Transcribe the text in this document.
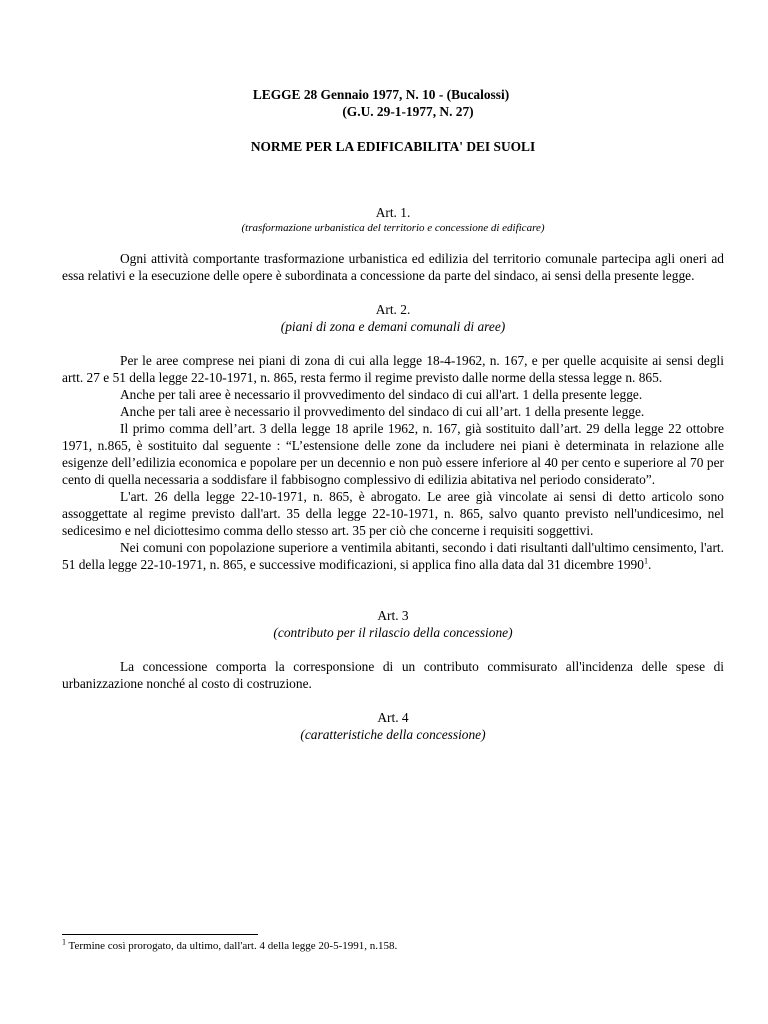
LEGGE 28 Gennaio 1977, N. 10 - (Bucalossi)

(G.U. 29-1-1977, N. 27)

NORME PER LA EDIFICABILITA' DEI SUOLI

Art. 1.

(trasformazione urbanistica del territorio e concessione di edificare)

Ogni attività comportante trasformazione urbanistica ed edilizia del territorio comunale partecipa agli oneri ad essa relativi e la esecuzione delle opere è subordinata a concessione da parte del sindaco, ai sensi della presente legge.

Art. 2.

(piani di zona e demani comunali di aree)

Per le aree comprese nei piani di zona di cui alla legge 18-4-1962, n. 167, e per quelle acquisite ai sensi degli artt. 27 e 51 della legge 22-10-1971, n. 865, resta fermo il regime previsto dalle norme della stessa legge n. 865.

Anche per tali aree è necessario il provvedimento del sindaco di cui all'art. 1 della presente legge.

Anche per tali aree è necessario il provvedimento del sindaco di cui all’art. 1 della presente legge.

Il primo comma dell’art. 3 della legge 18 aprile 1962, n. 167, già sostituito dall’art. 29 della legge 22 ottobre 1971, n.865, è sostituito dal seguente : “L’estensione delle zone da includere nei piani è determinata in relazione alle esigenze dell’edilizia economica e popolare per un decennio e non può essere inferiore al 40 per cento e superiore al 70 per cento di quella necessaria a soddisfare il fabbisogno complessivo di edilizia abitativa nel periodo considerato”.

L'art. 26 della legge 22-10-1971, n. 865, è abrogato. Le aree già vincolate ai sensi di detto articolo sono assoggettate al regime previsto dall'art. 35 della legge 22-10-1971, n. 865, salvo quanto previsto nell'undicesimo, nel sedicesimo e nel diciottesimo comma dello stesso art. 35 per ciò che concerne i requisiti soggettivi.

Nei comuni con popolazione superiore a ventimila abitanti, secondo i dati risultanti dall'ultimo censimento, l'art. 51 della legge 22-10-1971, n. 865, e successive modificazioni, si applica fino alla data dal 31 dicembre 1990$^1$.

Art. 3

(contributo per il rilascio della concessione)

La concessione comporta la corresponsione di un contributo commisurato all'incidenza delle spese di urbanizzazione nonché al costo di costruzione.

Art. 4

(caratteristiche della concessione)

$^1$ Termine così prorogato, da ultimo, dall'art. 4 della legge 20-5-1991, n.158.
